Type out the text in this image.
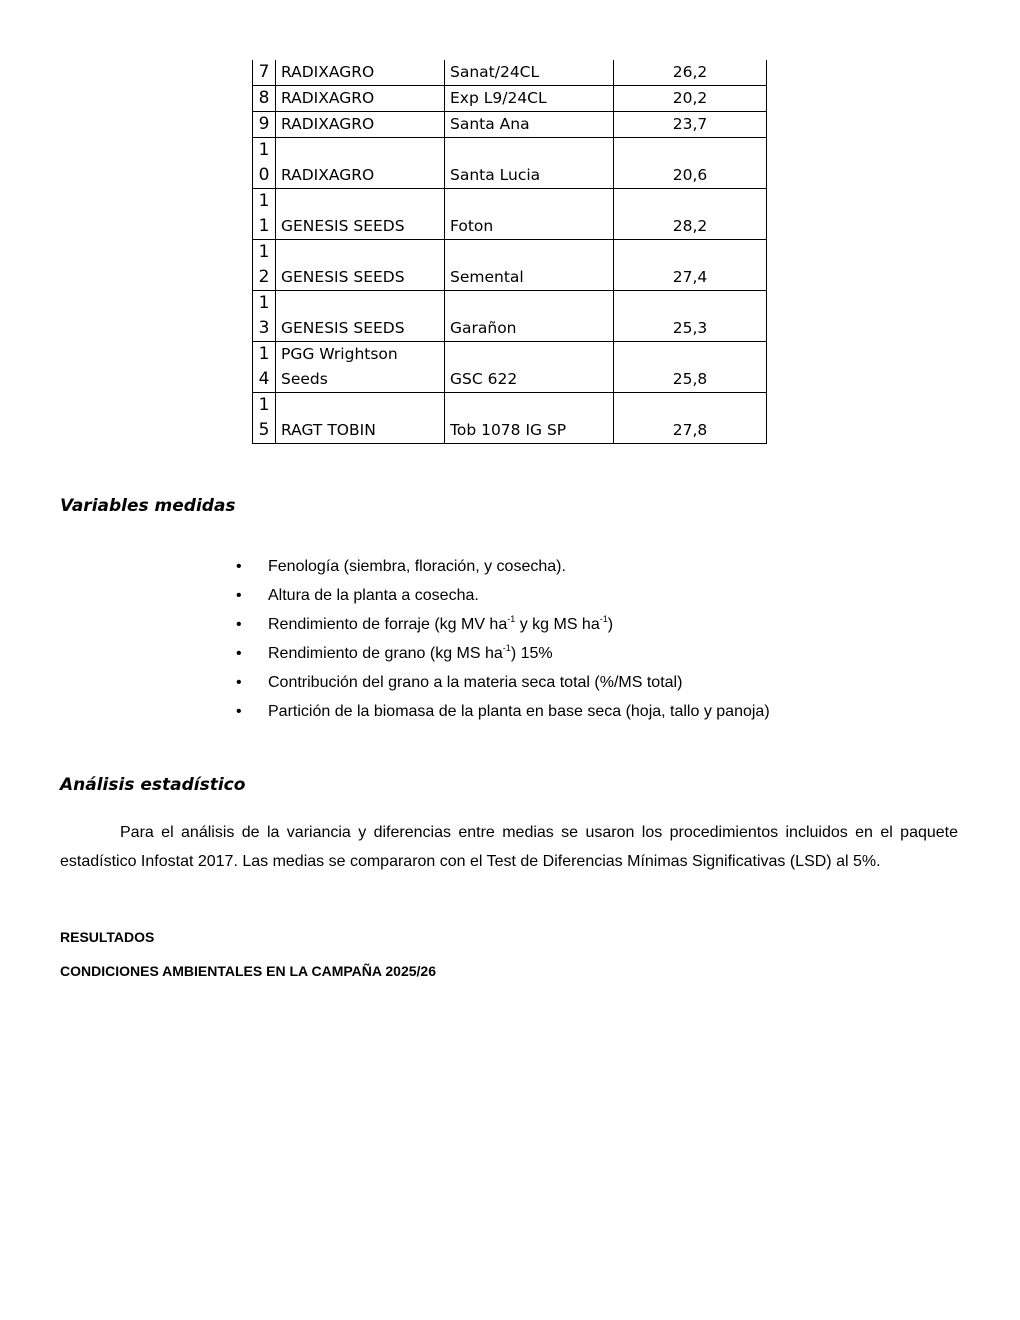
7	RADIXAGRO	Sanat/24CL	26,2

8	RADIXAGRO	Exp L9/24CL	20,2

9	RADIXAGRO	Santa Ana	23,7

10	RADIXAGRO	Santa Lucia	20,6

11	GENESIS SEEDS	Foton	28,2

12	GENESIS SEEDS	Semental	27,4

13	GENESIS SEEDS	Garañon	25,3

14	PGG Wrightson Seeds	GSC 622	25,8

15	RAGT TOBIN	Tob 1078 IG SP	27,8
Variables medidas
• Fenología (siembra, floración, y cosecha).
• Altura de la planta a cosecha.
• Rendimiento de forraje (kg MV $ha^{-1}$ y kg MS $ha^{-1}$)
• Rendimiento de grano (kg MS $ha^{-1}$) 15%
• Contribución del grano a la materia seca total (%/MS total)
• Partición de la biomasa de la planta en base seca (hoja, tallo y panoja)
Análisis estadístico

Para el análisis de la variancia y diferencias entre medias se usaron los procedimientos incluidos en el paquete estadístico Infostat 2017. Las medias se compararon con el Test de Diferencias Mínimas Significativas (LSD) al 5%.

RESULTADOS
CONDICIONES AMBIENTALES EN LA CAMPAÑA 2025/26
